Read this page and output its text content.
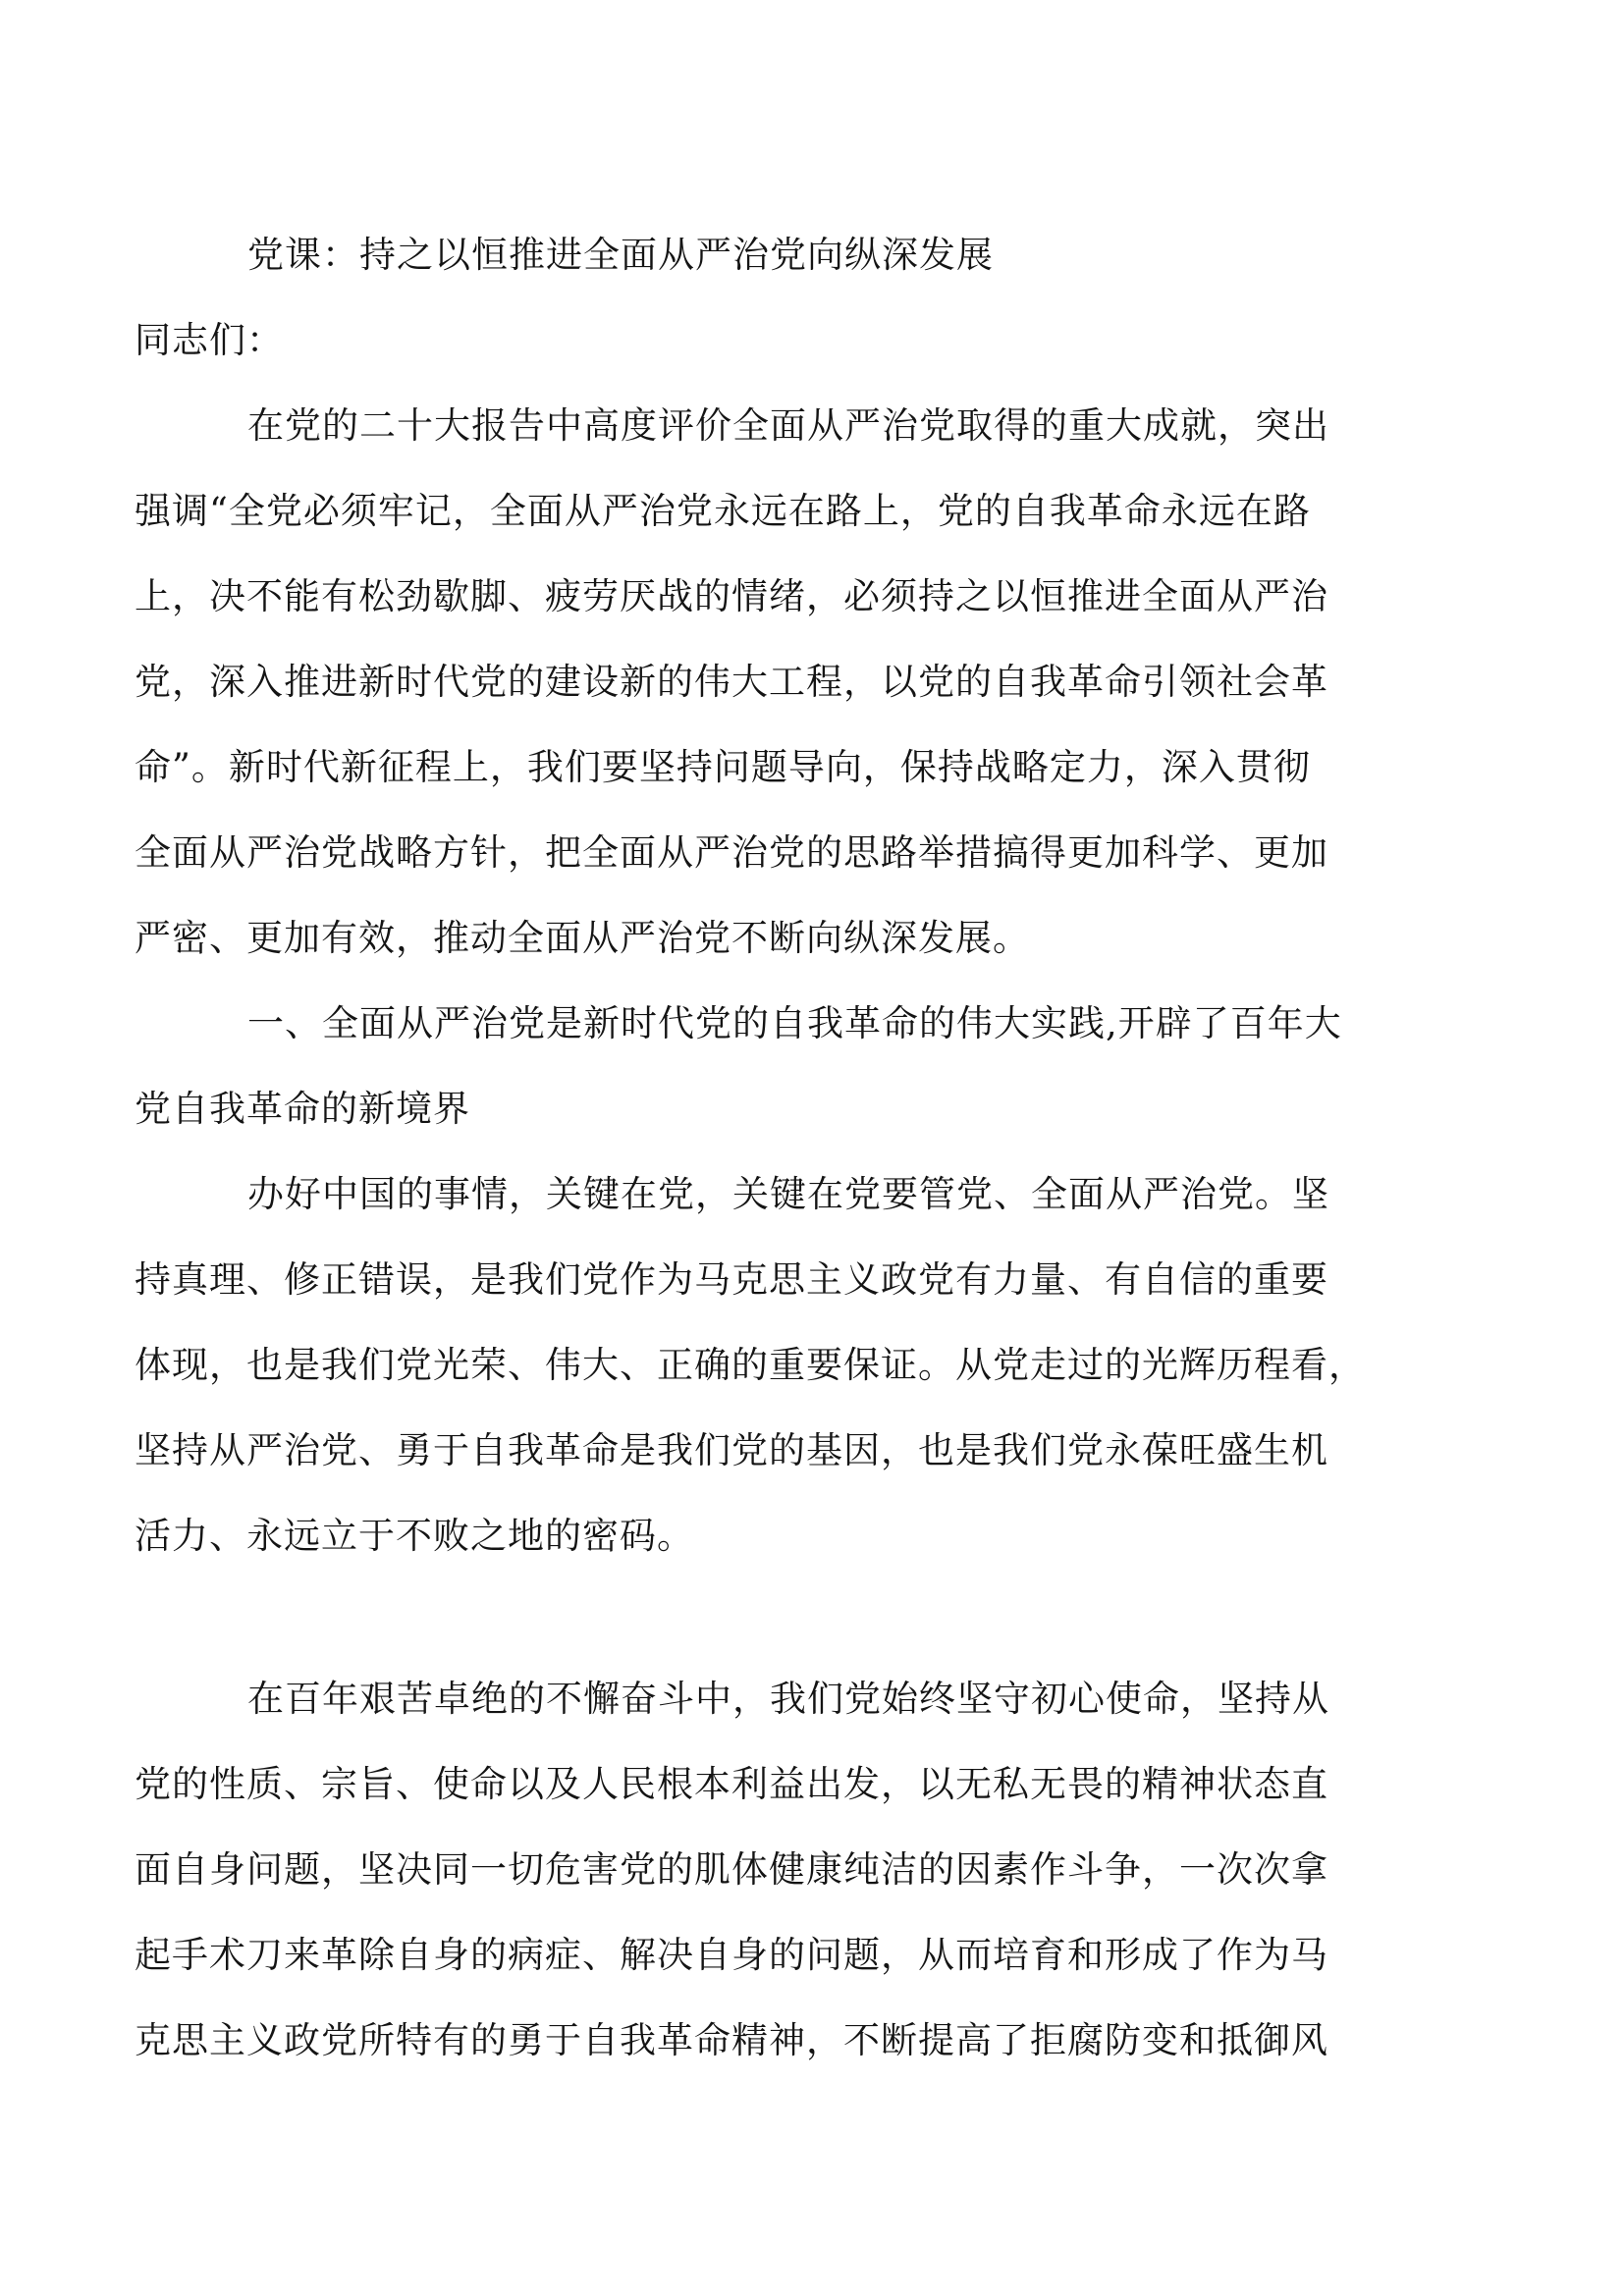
党课：持之以恒推进全面从严治党向纵深发展
同志们：
在党的二十大报告中高度评价全面从严治党取得的重大成就，突出
强调“全党必须牢记，全面从严治党永远在路上，党的自我革命永远在路
上，决不能有松劲歇脚、疲劳厌战的情绪，必须持之以恒推进全面从严治
党，深入推进新时代党的建设新的伟大工程，以党的自我革命引领社会革
命”。新时代新征程上，我们要坚持问题导向，保持战略定力，深入贯彻
全面从严治党战略方针，把全面从严治党的思路举措搞得更加科学、更加
严密、更加有效，推动全面从严治党不断向纵深发展。
一、全面从严治党是新时代党的自我革命的伟大实践,开辟了百年大
党自我革命的新境界
办好中国的事情，关键在党，关键在党要管党、全面从严治党。坚
持真理、修正错误，是我们党作为马克思主义政党有力量、有自信的重要
体现，也是我们党光荣、伟大、正确的重要保证。从党走过的光辉历程看，
坚持从严治党、勇于自我革命是我们党的基因，也是我们党永葆旺盛生机
活力、永远立于不败之地的密码。
在百年艰苦卓绝的不懈奋斗中，我们党始终坚守初心使命，坚持从
党的性质、宗旨、使命以及人民根本利益出发，以无私无畏的精神状态直
面自身问题，坚决同一切危害党的肌体健康纯洁的因素作斗争，一次次拿
起手术刀来革除自身的病症、解决自身的问题，从而培育和形成了作为马
克思主义政党所特有的勇于自我革命精神，不断提高了拒腐防变和抵御风
